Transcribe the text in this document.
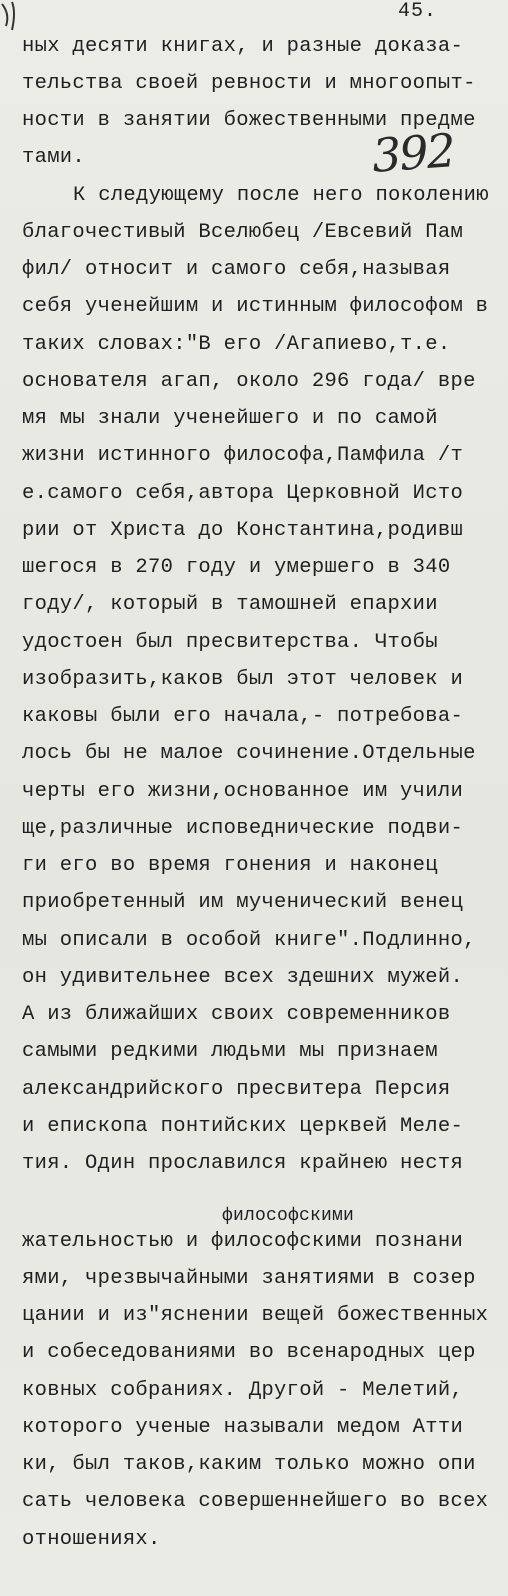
45.
392
ных десяти книгах, и разные доказа-
тельства своей ревности и многоопыт-
ности в занятии божественными предме
тами.
К следующему после него поколению
благочестивый Вселюбец /Евсевий Пам
фил/ относит и самого себя,называя
себя ученейшим и истинным философом в
таких словах:"В его /Агапиево,т.е.
основателя агап, около 296 года/ вре
мя мы знали ученейшего и по самой
жизни истинного философа,Памфила /т
е.самого себя,автора Церковной Исто
рии от Христа до Константина,родивш
шегося в 270 году и умершего в 340
году/, который в тамошней епархии
удостоен был пресвитерства. Чтобы
изобразить,каков был этот человек и
каковы были его начала,- потребова-
лось бы не малое сочинение.Отдельные
черты его жизни,основанное им учили
ще,различные исповеднические подви-
ги его во время гонения и наконец
приобретенный им мученический венец
мы описали в особой книге".Подлинно,
он удивительнее всех здешних мужей.
А из ближайших своих современников
самыми редкими людьми мы признаем
александрийского пресвитера Персия
и епископа понтийских церквей Меле-
тия. Один прославился крайнею нестя
жательностью и философскими познани
ями, чрезвычайными занятиями в созер
цании и из"яснении вещей божественных
и собеседованиями во всенародных цер
ковных собраниях. Другой - Мелетий,
которого ученые называли медом Атти
ки, был таков,каким только можно опи
сать человека совершеннейшего во всех
отношениях.
философскими
